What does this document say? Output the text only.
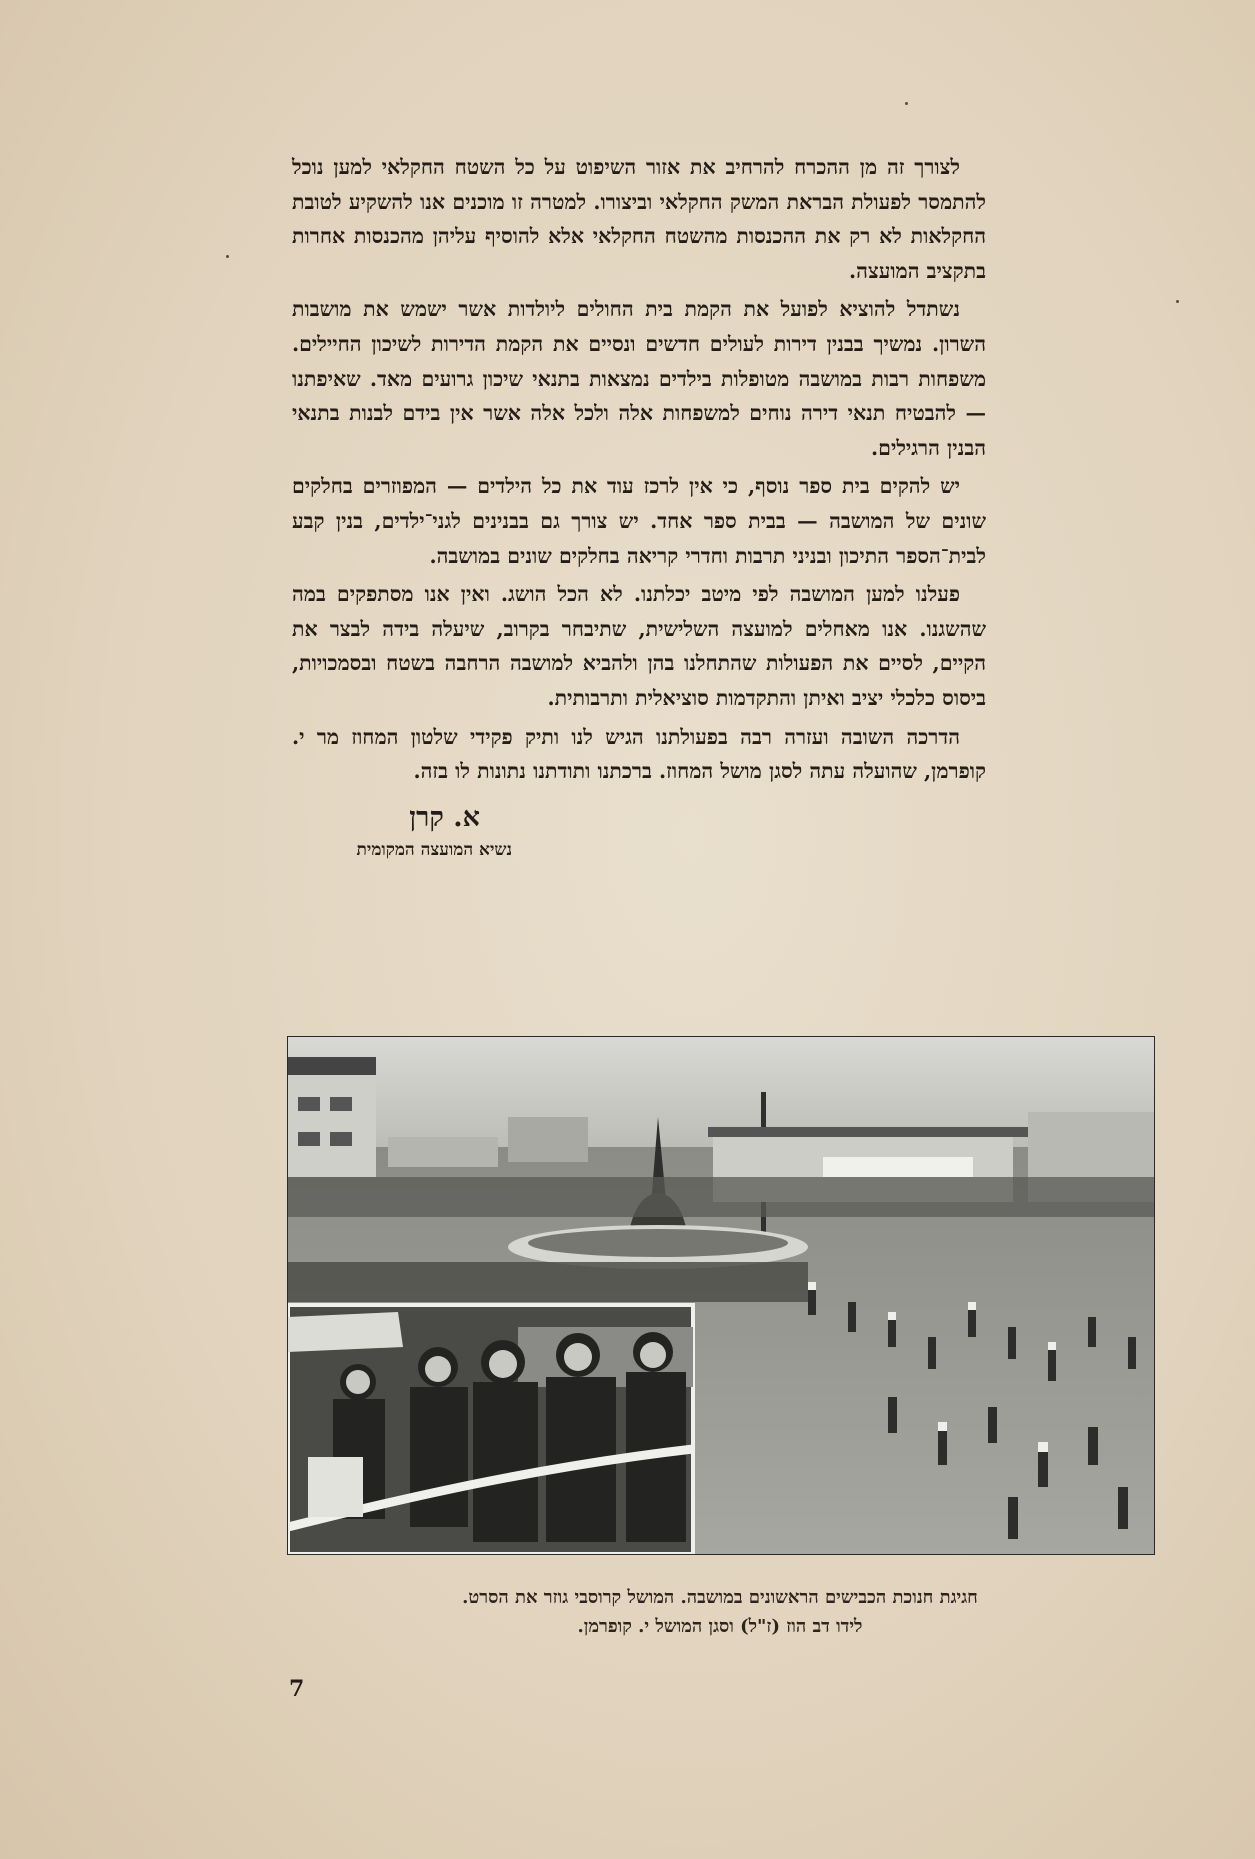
לצורך זה מן ההכרח להרחיב את אזור השיפוט על כל השטח החקלאי למען נוכל להתמסר לפעולת הבראת המשק החקלאי וביצורו. למטרה זו מוכנים אנו להשקיע לטובת החקלאות לא רק את ההכנסות מהשטח החקלאי אלא להוסיף עליהן מהכנסות אחרות בתקציב המועצה.

נשתדל להוציא לפועל את הקמת בית החולים ליולדות אשר ישמש את מושבות השרון. נמשיך בבנין דירות לעולים חדשים ונסיים את הקמת הדירות לשיכון החיילים. משפחות רבות במושבה מטופלות בילדים נמצאות בתנאי שיכון גרועים מאד. שאיפתנו — להבטיח תנאי דירה נוחים למשפחות אלה ולכל אלה אשר אין בידם לבנות בתנאי הבנין הרגילים.

יש להקים בית ספר נוסף, כי אין לרכז עוד את כל הילדים — המפוזרים בחלקים שונים של המושבה — בבית ספר אחד. יש צורך גם בבנינים לגני־ילדים, בנין קבע לבית־הספר התיכון ובניני תרבות וחדרי קריאה בחלקים שונים במושבה.

פעלנו למען המושבה לפי מיטב יכלתנו. לא הכל הושג. ואין אנו מסתפקים במה שהשגנו. אנו מאחלים למועצה השלישית, שתיבחר בקרוב, שיעלה בידה לבצר את הקיים, לסיים את הפעולות שהתחלנו בהן ולהביא למושבה הרחבה בשטח ובסמכויות, ביסוס כלכלי יציב ואיתן והתקדמות סוציאלית ותרבותית.

הדרכה השובה ועזרה רבה בפעולתנו הגיש לנו ותיק פקידי שלטון המחוז מר י. קופרמן, שהועלה עתה לסגן מושל המחוז. ברכתנו ותודתנו נתונות לו בזה.

א. קרן
נשיא המועצה המקומית
חגיגת חנוכת הכבישים הראשונים במושבה. המושל קרוסבי גוזר את הסרט.
לידו דב הוז (ז"ל) וסגן המושל י. קופרמן.
7
